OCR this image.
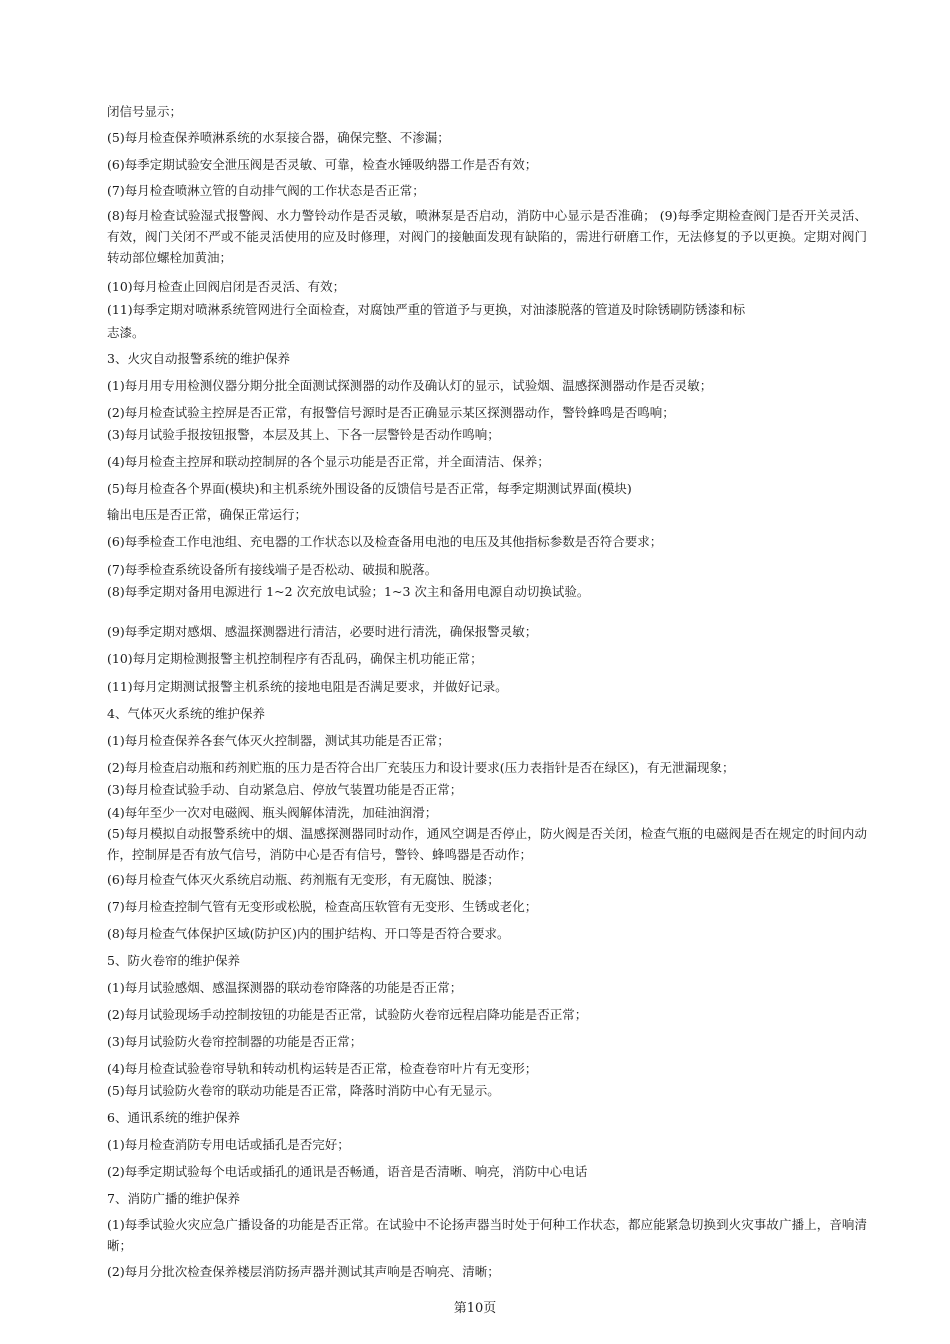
闭信号显示；
(5)每月检查保养喷淋系统的水泵接合器，确保完整、不渗漏；
(6)每季定期试验安全泄压阀是否灵敏、可靠，检查水锤吸纳器工作是否有效；
(7)每月检查喷淋立管的自动排气阀的工作状态是否正常；
(8)每月检查试验湿式报警阀、水力警铃动作是否灵敏，喷淋泵是否启动，消防中心显示是否准确； (9)每季定期检查阀门是否开关灵活、有效，阀门关闭不严或不能灵活使用的应及时修理，对阀门的接触面发现有缺陷的，需进行研磨工作，无法修复的予以更换。定期对阀门转动部位螺栓加黄油；
(10)每月检查止回阀启闭是否灵活、有效；
(11)每季定期对喷淋系统管网进行全面检查，对腐蚀严重的管道予与更换，对油漆脱落的管道及时除锈刷防锈漆和标
志漆。
3、火灾自动报警系统的维护保养
(1)每月用专用检测仪器分期分批全面测试探测器的动作及确认灯的显示，试验烟、温感探测器动作是否灵敏；
(2)每月检查试验主控屏是否正常，有报警信号源时是否正确显示某区探测器动作，警铃蜂鸣是否鸣响；
(3)每月试验手报按钮报警，本层及其上、下各一层警铃是否动作鸣响；
(4)每月检查主控屏和联动控制屏的各个显示功能是否正常，并全面清洁、保养；
(5)每月检查各个界面(模块)和主机系统外围设备的反馈信号是否正常，每季定期测试界面(模块)
输出电压是否正常，确保正常运行；
(6)每季检查工作电池组、充电器的工作状态以及检查备用电池的电压及其他指标参数是否符合要求；
(7)每季检查系统设备所有接线端子是否松动、破损和脱落。
(8)每季定期对备用电源进行 1~2 次充放电试验；1~3 次主和备用电源自动切换试验。
(9)每季定期对感烟、感温探测器进行清洁，必要时进行清洗，确保报警灵敏；
(10)每月定期检测报警主机控制程序有否乱码，确保主机功能正常；
(11)每月定期测试报警主机系统的接地电阻是否满足要求，并做好记录。
4、气体灭火系统的维护保养
(1)每月检查保养各套气体灭火控制器，测试其功能是否正常；
(2)每月检查启动瓶和药剂贮瓶的压力是否符合出厂充装压力和设计要求(压力表指针是否在绿区)，有无泄漏现象；
(3)每月检查试验手动、自动紧急启、停放气装置功能是否正常；
(4)每年至少一次对电磁阀、瓶头阀解体清洗，加硅油润滑；
(5)每月模拟自动报警系统中的烟、温感探测器同时动作，通风空调是否停止，防火阀是否关闭，检查气瓶的电磁阀是否在规定的时间内动作，控制屏是否有放气信号，消防中心是否有信号，警铃、蜂鸣器是否动作；
(6)每月检查气体灭火系统启动瓶、药剂瓶有无变形，有无腐蚀、脱漆；
(7)每月检查控制气管有无变形或松脱，检查高压软管有无变形、生锈或老化；
(8)每月检查气体保护区域(防护区)内的围护结构、开口等是否符合要求。
5、防火卷帘的维护保养
(1)每月试验感烟、感温探测器的联动卷帘降落的功能是否正常；
(2)每月试验现场手动控制按钮的功能是否正常，试验防火卷帘远程启降功能是否正常；
(3)每月试验防火卷帘控制器的功能是否正常；
(4)每月检查试验卷帘导轨和转动机构运转是否正常，检查卷帘叶片有无变形；
(5)每月试验防火卷帘的联动功能是否正常，降落时消防中心有无显示。
6、通讯系统的维护保养
(1)每月检查消防专用电话或插孔是否完好；
(2)每季定期试验每个电话或插孔的通讯是否畅通，语音是否清晰、响亮，消防中心电话
7、消防广播的维护保养
(1)每季试验火灾应急广播设备的功能是否正常。在试验中不论扬声器当时处于何种工作状态，都应能紧急切换到火灾事故广播上，音响清晰；
(2)每月分批次检查保养楼层消防扬声器并测试其声响是否响亮、清晰；
第10页
